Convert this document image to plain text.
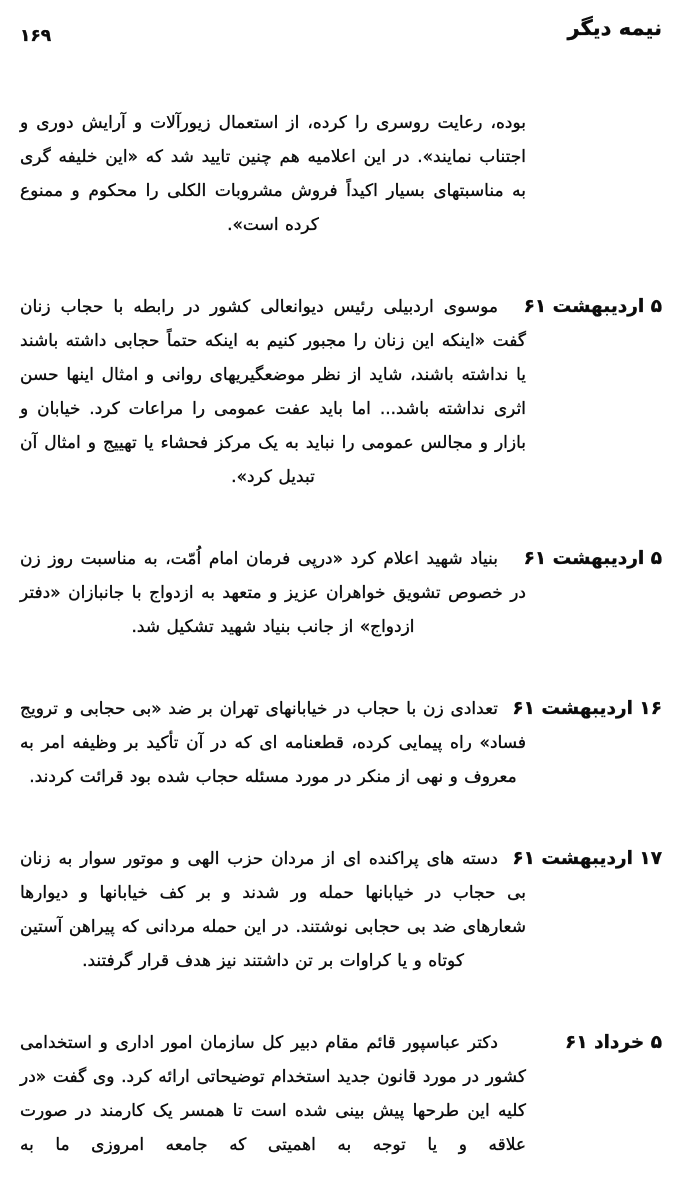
نیمه دیگر
۱۶۹

بوده، رعایت روسری را کرده، از استعمال زیورآلات و آرایش دوری و اجتناب نمایند». در این اعلامیه هم چنین تایید شد که «این خلیفه گری به مناسبتهای بسیار اکیداً فروش مشروبات الکلی را محکوم و ممنوع کرده است».

۵ اردیبهشت ۶۱

موسوی اردبیلی رئیس دیوانعالی کشور در رابطه با حجاب زنان گفت «اینکه این زنان را مجبور کنیم به اینکه حتماً حجابی داشته باشند یا نداشته باشند، شاید از نظر موضعگیریهای روانی و امثال اینها حسن اثری نداشته باشد... اما باید عفت عمومی را مراعات کرد. خیابان و بازار و مجالس عمومی را نباید به یک مرکز فحشاء یا تهییج و امثال آن تبدیل کرد».

۵ اردیبهشت ۶۱

بنیاد شهید اعلام کرد «درپی فرمان امام اُمّت، به مناسبت روز زن در خصوص تشویق خواهران عزیز و متعهد به ازدواج با جانبازان «دفتر ازدواج» از جانب بنیاد شهید تشکیل شد.

۱۶ اردیبهشت ۶۱

تعدادی زن با حجاب در خیابانهای تهران بر ضد «بی حجابی و ترویج فساد» راه پیمایی کرده، قطعنامه ای که در آن تأکید بر وظیفه امر به معروف و نهی از منکر در مورد مسئله حجاب شده بود قرائت کردند.

۱۷ اردیبهشت ۶۱

دسته های پراکنده ای از مردان حزب الهی و موتور سوار به زنان بی حجاب در خیابانها حمله ور شدند و بر کف خیابانها و دیوارها شعارهای ضد بی حجابی نوشتند. در این حمله مردانی که پیراهن آستین کوتاه و یا کراوات بر تن داشتند نیز هدف قرار گرفتند.

۵ خرداد ۶۱

دکتر عباسپور قائم مقام دبیر کل سازمان امور اداری و استخدامی کشور در مورد قانون جدید استخدام توضیحاتی ارائه کرد. وی گفت «در کلیه این طرحها پیش بینی شده است تا همسر یک کارمند در صورت علاقه و یا توجه به اهمیتی که جامعه امروزی ما به
